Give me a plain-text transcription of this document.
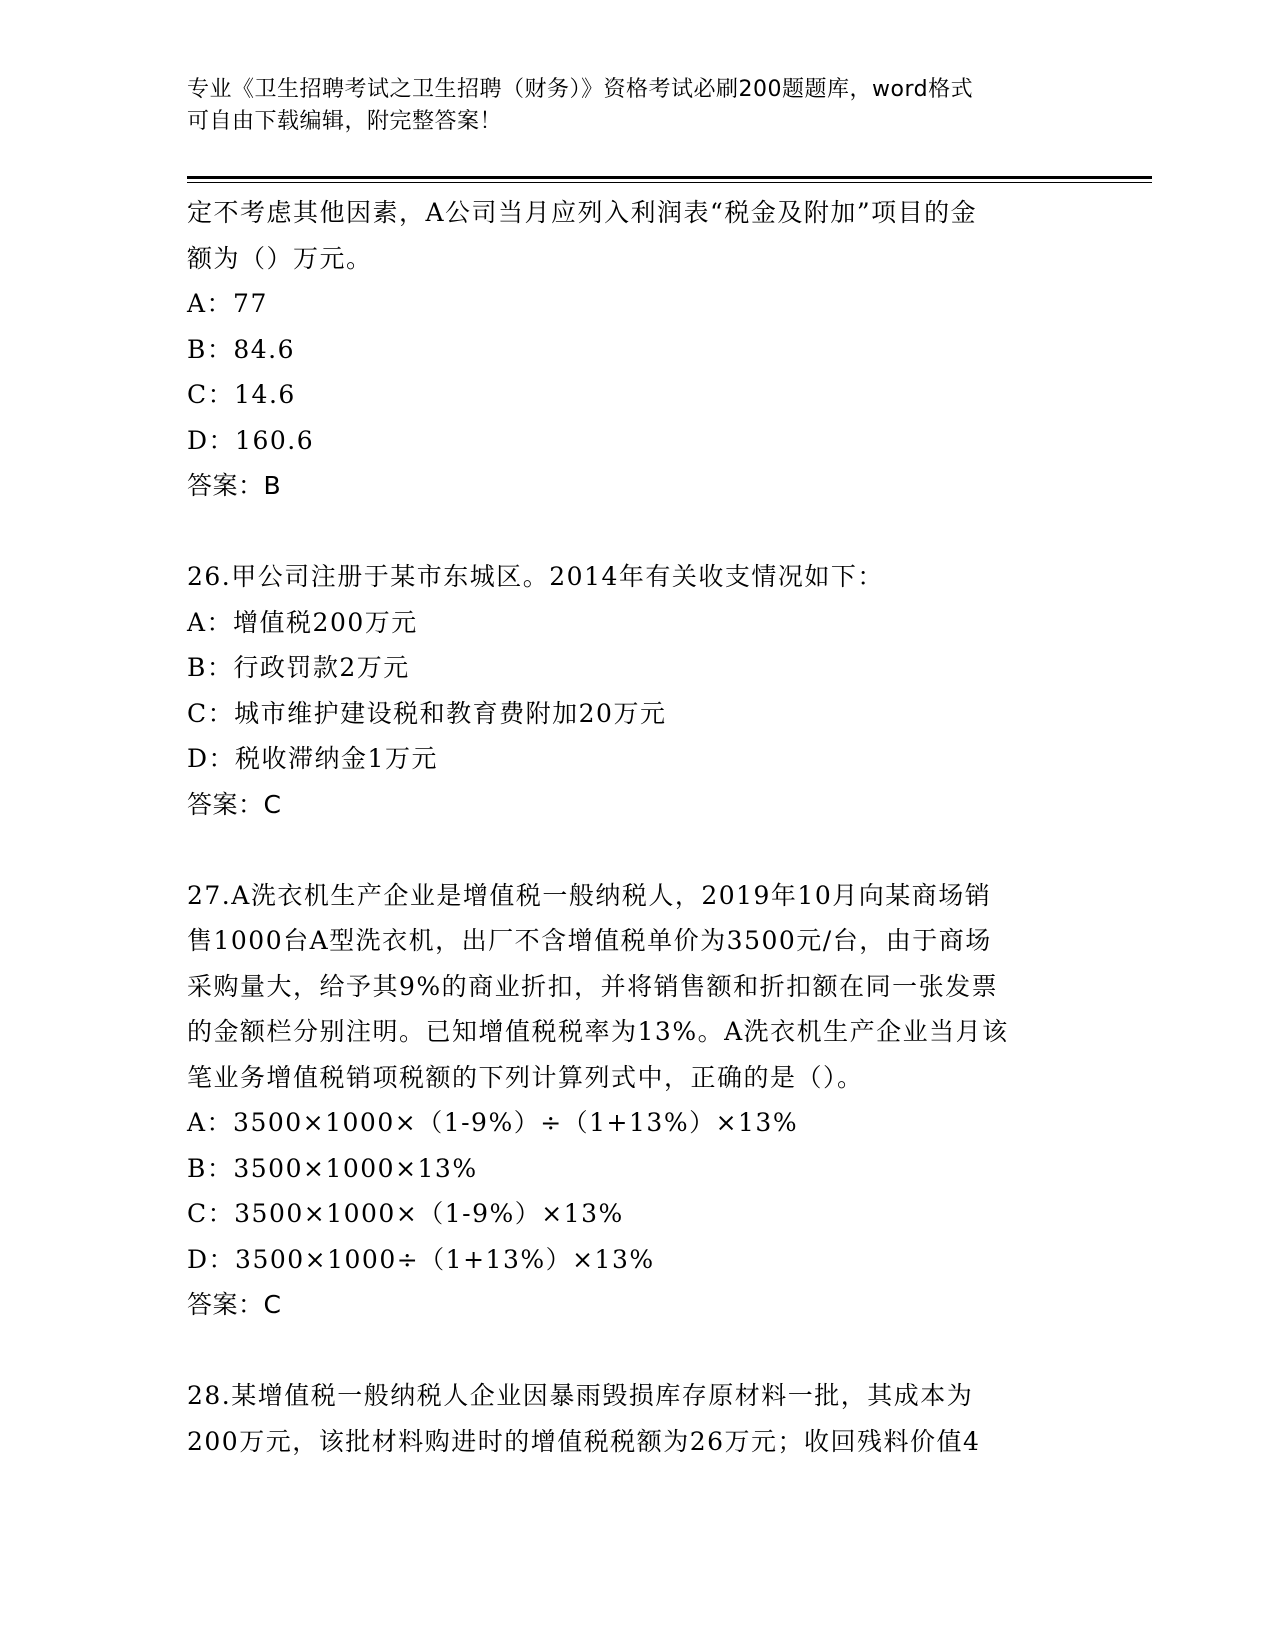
专业《卫生招聘考试之卫生招聘（财务）》资格考试必刷200题题库，word格式
可自由下载编辑，附完整答案！
定不考虑其他因素，A公司当月应列入利润表“税金及附加”项目的金
额为（）万元。
A：77
B：84.6
C：14.6
D：160.6
答案：B
26.甲公司注册于某市东城区。2014年有关收支情况如下：
A：增值税200万元
B：行政罚款2万元
C：城市维护建设税和教育费附加20万元
D：税收滞纳金1万元
答案：C
27.A洗衣机生产企业是增值税一般纳税人，2019年10月向某商场销
售1000台A型洗衣机，出厂不含增值税单价为3500元/台，由于商场
采购量大，给予其9%的商业折扣，并将销售额和折扣额在同一张发票
的金额栏分别注明。已知增值税税率为13%。A洗衣机生产企业当月该
笔业务增值税销项税额的下列计算列式中，正确的是（）。
A：3500×1000×（1-9%）÷（1+13%）×13%
B：3500×1000×13%
C：3500×1000×（1-9%）×13%
D：3500×1000÷（1+13%）×13%
答案：C
28.某增值税一般纳税人企业因暴雨毁损库存原材料一批，其成本为
200万元，该批材料购进时的增值税税额为26万元；收回残料价值4
